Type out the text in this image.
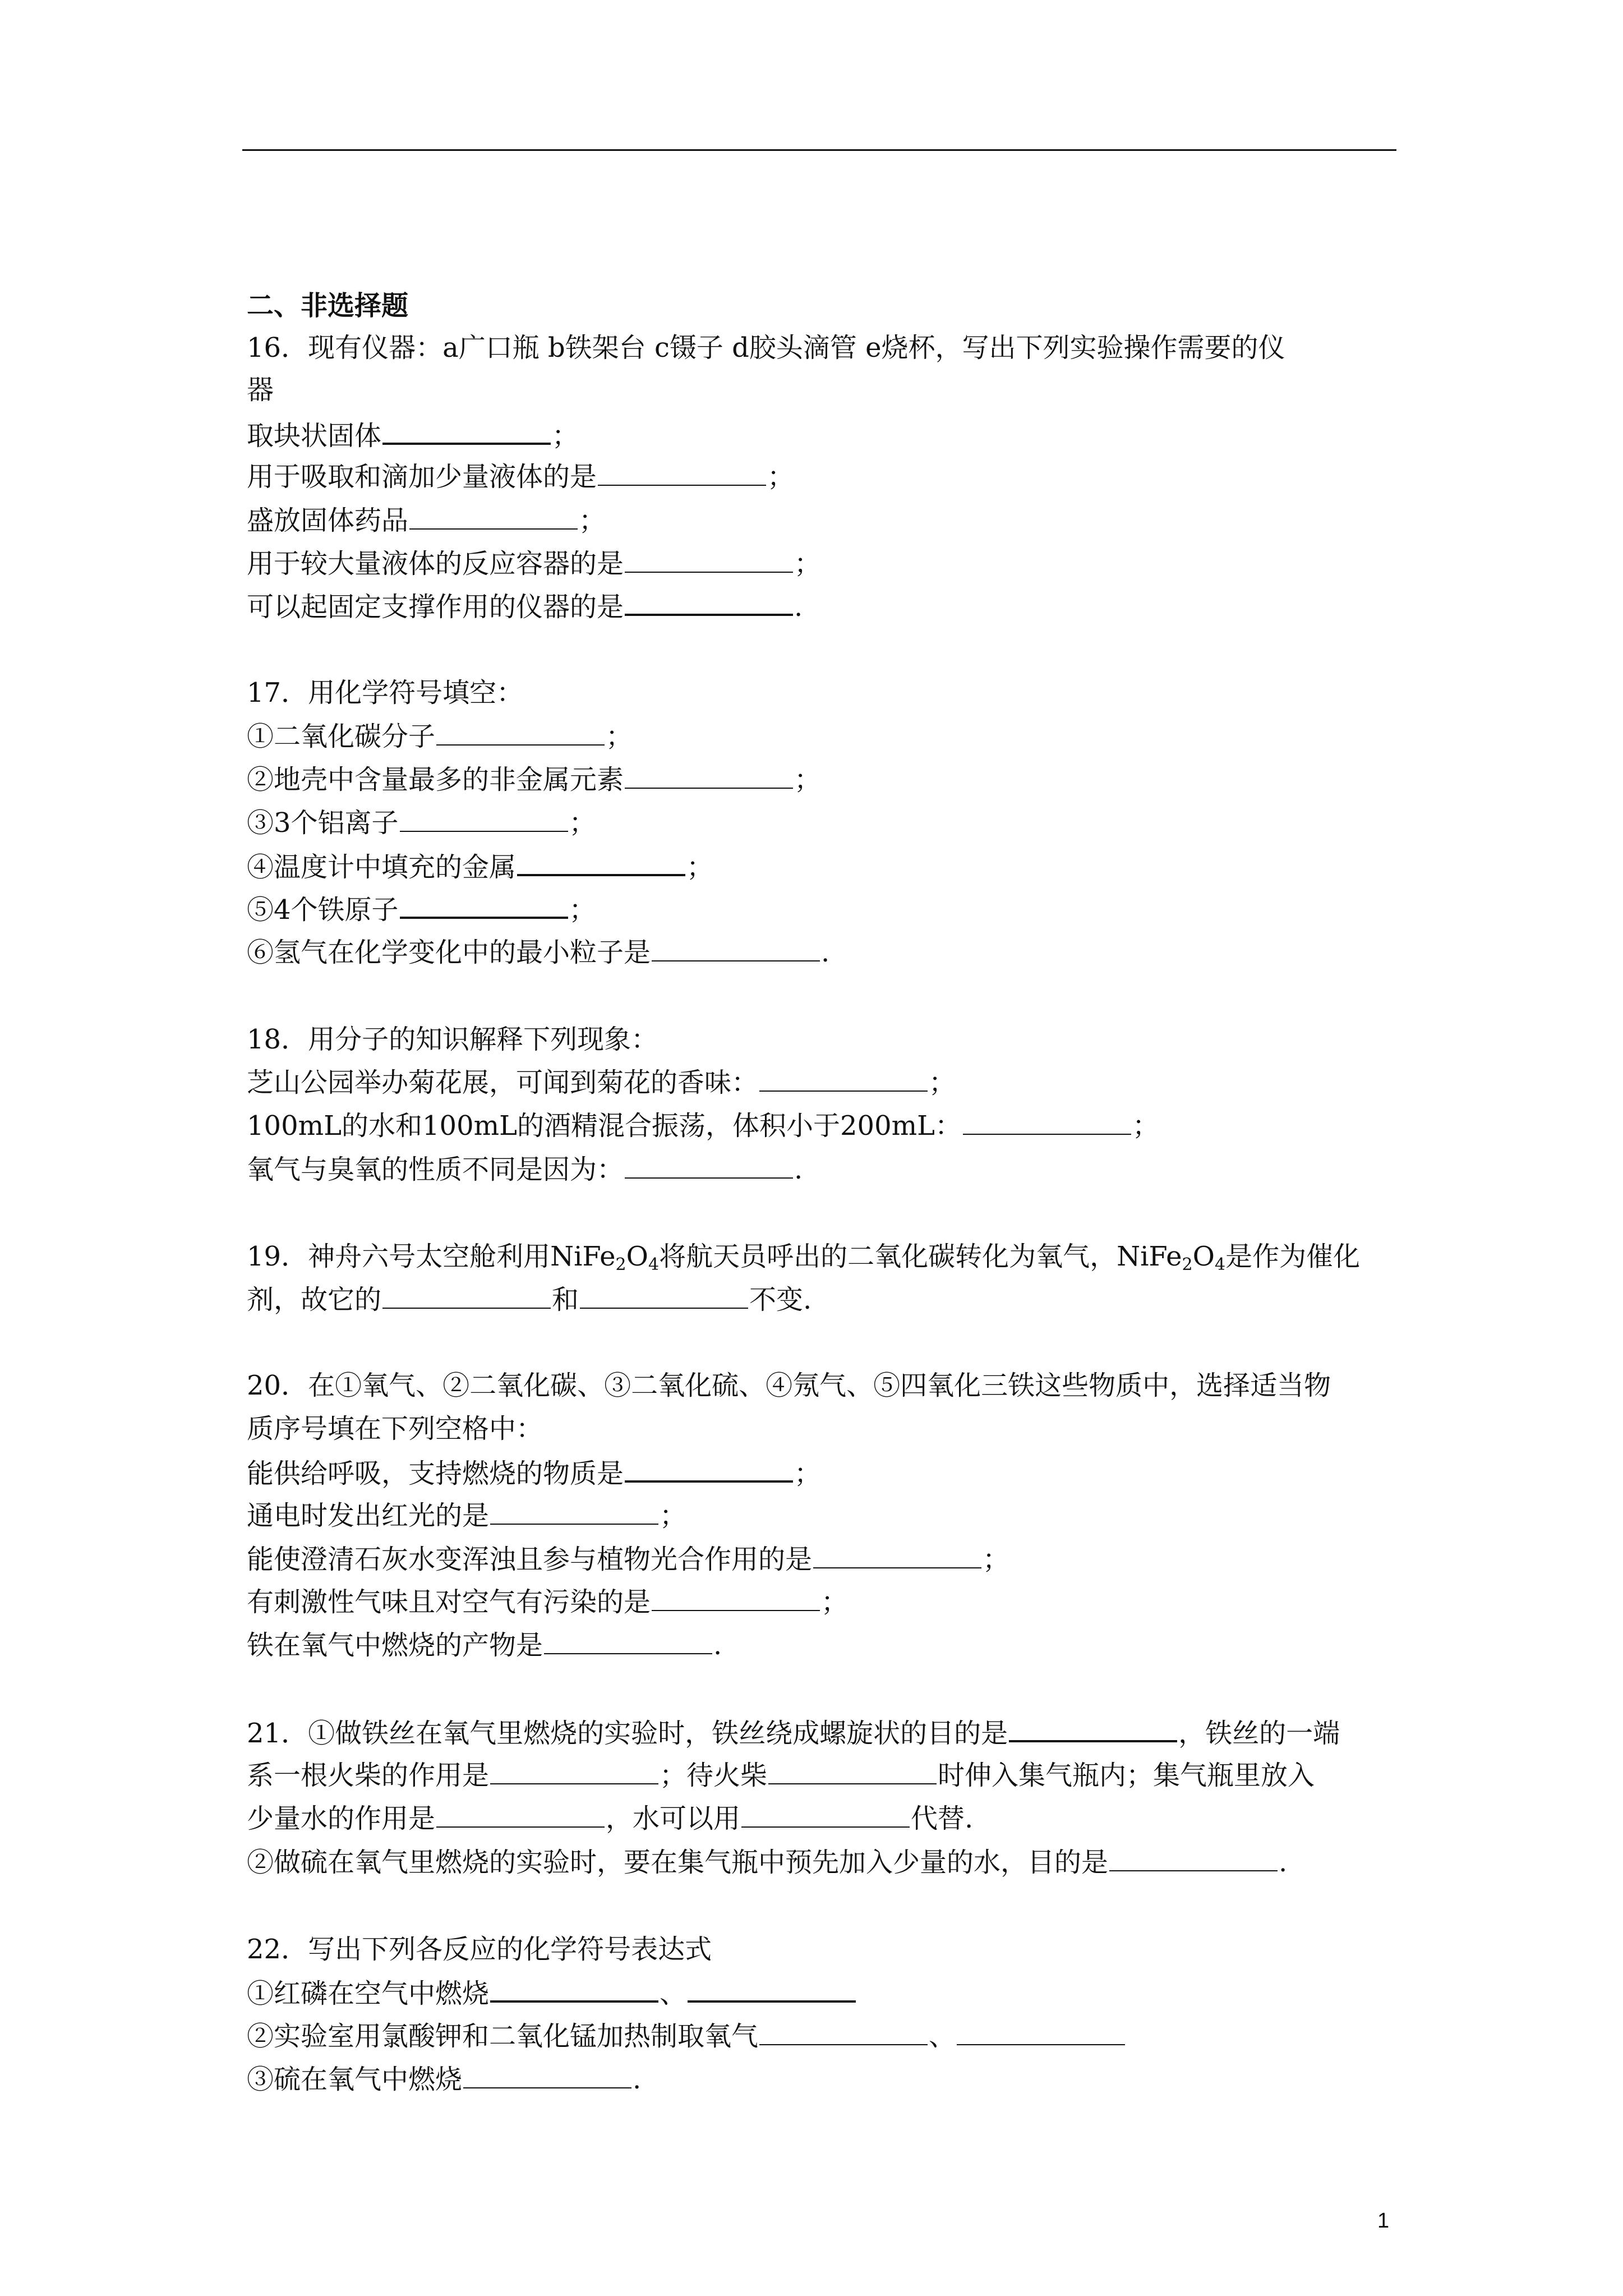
二、非选择题
16．现有仪器：a广口瓶 b铁架台 c镊子 d胶头滴管 e烧杯，写出下列实验操作需要的仪
器
取块状固体	；
用于吸取和滴加少量液体的是	；
盛放固体药品	；
用于较大量液体的反应容器的是	；
可以起固定支撑作用的仪器的是	.
17．用化学符号填空：
①二氧化碳分子	；
②地壳中含量最多的非金属元素	；
③3个铝离子	；
④温度计中填充的金属	；
⑤4个铁原子	；
⑥氢气在化学变化中的最小粒子是	.
18．用分子的知识解释下列现象：
芝山公园举办菊花展，可闻到菊花的香味：	；
100mL的水和100mL的酒精混合振荡，体积小于200mL：	；
氧气与臭氧的性质不同是因为：	.
19．神舟六号太空舱利用$NiFe_2O_4$将航天员呼出的二氧化碳转化为氧气，$NiFe_2O_4$是作为催化
剂，故它的	和	不变.
20．在①氧气、②二氧化碳、③二氧化硫、④氖气、⑤四氧化三铁这些物质中，选择适当物
质序号填在下列空格中：
能供给呼吸，支持燃烧的物质是	；
通电时发出红光的是	；
能使澄清石灰水变浑浊且参与植物光合作用的是	；
有刺激性气味且对空气有污染的是	；
铁在氧气中燃烧的产物是	.
21．①做铁丝在氧气里燃烧的实验时，铁丝绕成螺旋状的目的是	，铁丝的一端
系一根火柴的作用是	；待火柴	时伸入集气瓶内；集气瓶里放入
少量水的作用是	，水可以用	代替.
②做硫在氧气里燃烧的实验时，要在集气瓶中预先加入少量的水，目的是	.
22．写出下列各反应的化学符号表达式
①红磷在空气中燃烧	、
②实验室用氯酸钾和二氧化锰加热制取氧气	、
③硫在氧气中燃烧	.
1
